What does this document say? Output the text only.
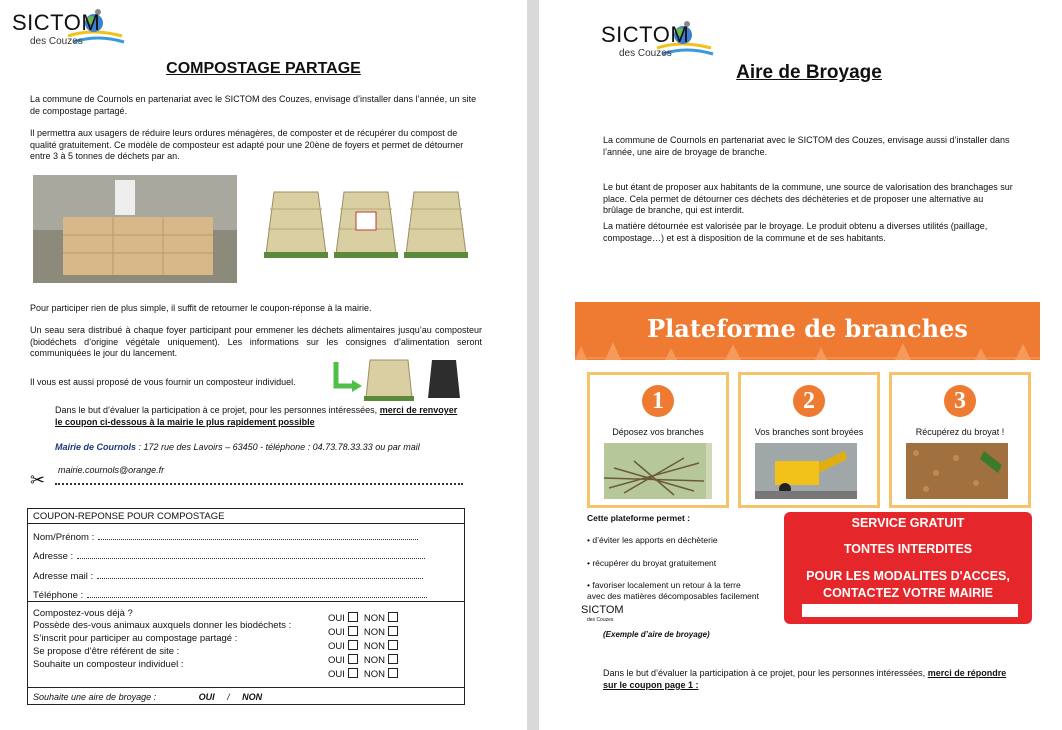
SICTOM
des Couzes
COMPOSTAGE PARTAGE
La commune de Cournols en partenariat avec le SICTOM des Couzes, envisage d’installer dans l’année, un site de compostage partagé.
Il permettra aux usagers de réduire leurs ordures ménagères, de composter et de récupérer du compost de qualité gratuitement. Ce modèle de composteur est adapté pour une 20ène de foyers et permet de détourner entre 3 à 5 tonnes de déchets par an.
Pour participer rien de plus simple, il suffit de retourner le coupon-réponse à la mairie.
Un seau sera distribué à chaque foyer participant pour emmener les déchets alimentaires jusqu’au composteur (biodéchets d’origine végétale uniquement). Les informations sur les consignes d’alimentation seront communiquées le jour du lancement.
Il vous est aussi proposé de vous fournir un composteur individuel.
Dans le but d’évaluer la participation à ce projet, pour les personnes intéressées, merci de renvoyer le coupon ci-dessous à la mairie le plus rapidement possible
Mairie de Cournols : 172 rue des Lavoirs – 63450 - téléphone : 04.73.78.33.33 ou par mail
mairie.cournols@orange.fr
✂
COUPON-REPONSE POUR COMPOSTAGE
Nom/Prénom :
Adresse :
Adresse mail :
Téléphone :
Compostez-vous déjà ?
Possède des-vous animaux auxquels donner les biodéchets :
S’inscrit pour participer au compostage partagé :
Se propose d’être référent de site :
Souhaite un composteur individuel :
OUI NON
OUI NON
OUI NON
OUI NON
OUI NON
Souhaite une aire de broyage :	OUI / NON
SICTOM
des Couzes
Aire de Broyage
La commune de Cournols en partenariat avec le SICTOM des Couzes, envisage aussi d’installer dans l’année, une aire de broyage de branche.
Le but étant de proposer aux habitants de la commune, une source de valorisation des branchages sur place. Cela permet de détourner ces déchets des déchèteries et de proposer une alternative au brûlage de branche, qui est interdit.
La matière détournée est valorisée par le broyage. Le produit obtenu a diverses utilités (paillage, compostage…) et est à disposition de la commune et de ses habitants.
Plateforme de branches
1
Déposez vos branches
2
Vos branches sont broyées
3
Récupérez du broyat !
Cette plateforme permet :
• d’éviter les apports en déchèterie
• récupérer du broyat gratuitement
• favoriser localement un retour à la terre avec des matières décomposables facilement
SICTOM
des Couzes
SERVICE GRATUIT
TONTES INTERDITES
POUR LES MODALITES D'ACCES, CONTACTEZ VOTRE MAIRIE
(Exemple d’aire de broyage)
Dans le but d’évaluer la participation à ce projet, pour les personnes intéressées, merci de répondre sur le coupon page 1 :
